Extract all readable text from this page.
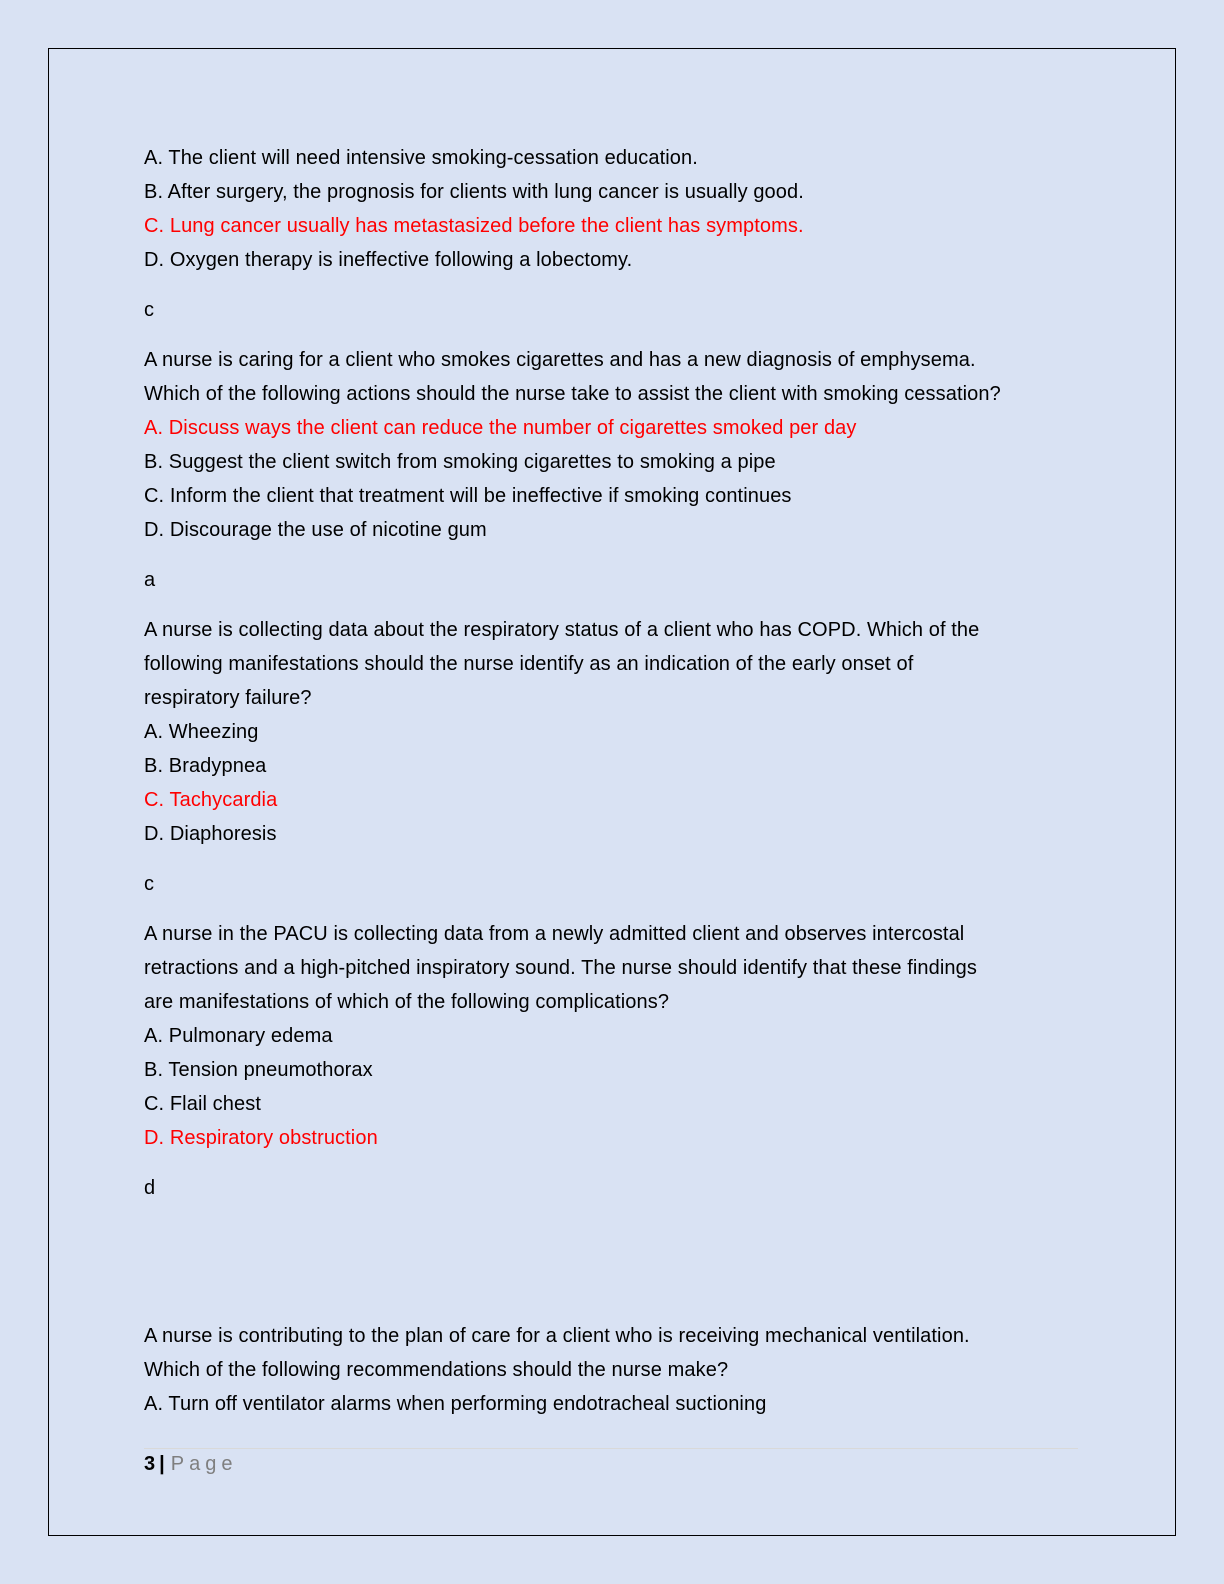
A. The client will need intensive smoking-cessation education.
B. After surgery, the prognosis for clients with lung cancer is usually good.
C. Lung cancer usually has metastasized before the client has symptoms.
D. Oxygen therapy is ineffective following a lobectomy.
c
A nurse is caring for a client who smokes cigarettes and has a new diagnosis of emphysema.
Which of the following actions should the nurse take to assist the client with smoking cessation?
A. Discuss ways the client can reduce the number of cigarettes smoked per day
B. Suggest the client switch from smoking cigarettes to smoking a pipe
C. Inform the client that treatment will be ineffective if smoking continues
D. Discourage the use of nicotine gum
a
A nurse is collecting data about the respiratory status of a client who has COPD. Which of the
following manifestations should the nurse identify as an indication of the early onset of
respiratory failure?
A. Wheezing
B. Bradypnea
C. Tachycardia
D. Diaphoresis
c
A nurse in the PACU is collecting data from a newly admitted client and observes intercostal
retractions and a high-pitched inspiratory sound. The nurse should identify that these findings
are manifestations of which of the following complications?
A. Pulmonary edema
B. Tension pneumothorax
C. Flail chest
D. Respiratory obstruction
d
A nurse is contributing to the plan of care for a client who is receiving mechanical ventilation.
Which of the following recommendations should the nurse make?
A. Turn off ventilator alarms when performing endotracheal suctioning
3 | Page
